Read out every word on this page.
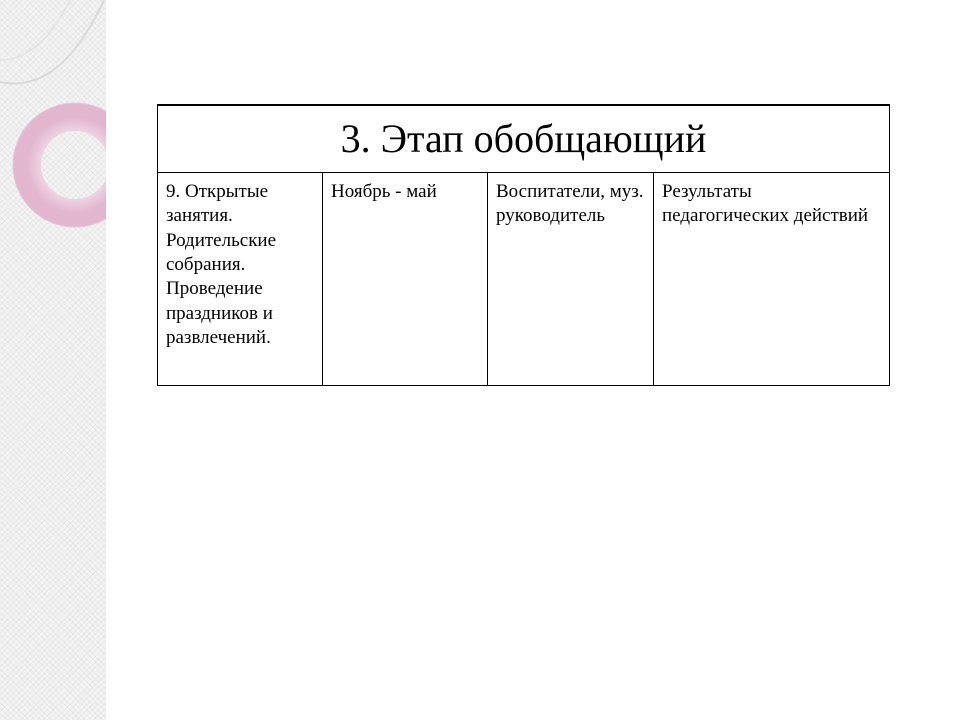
3. Этап обобщающий
9. Открытые занятия. Родительские собрания. Проведение праздников и развлечений.	Ноябрь - май	Воспитатели, муз. руководитель	Результаты педагогических действий
